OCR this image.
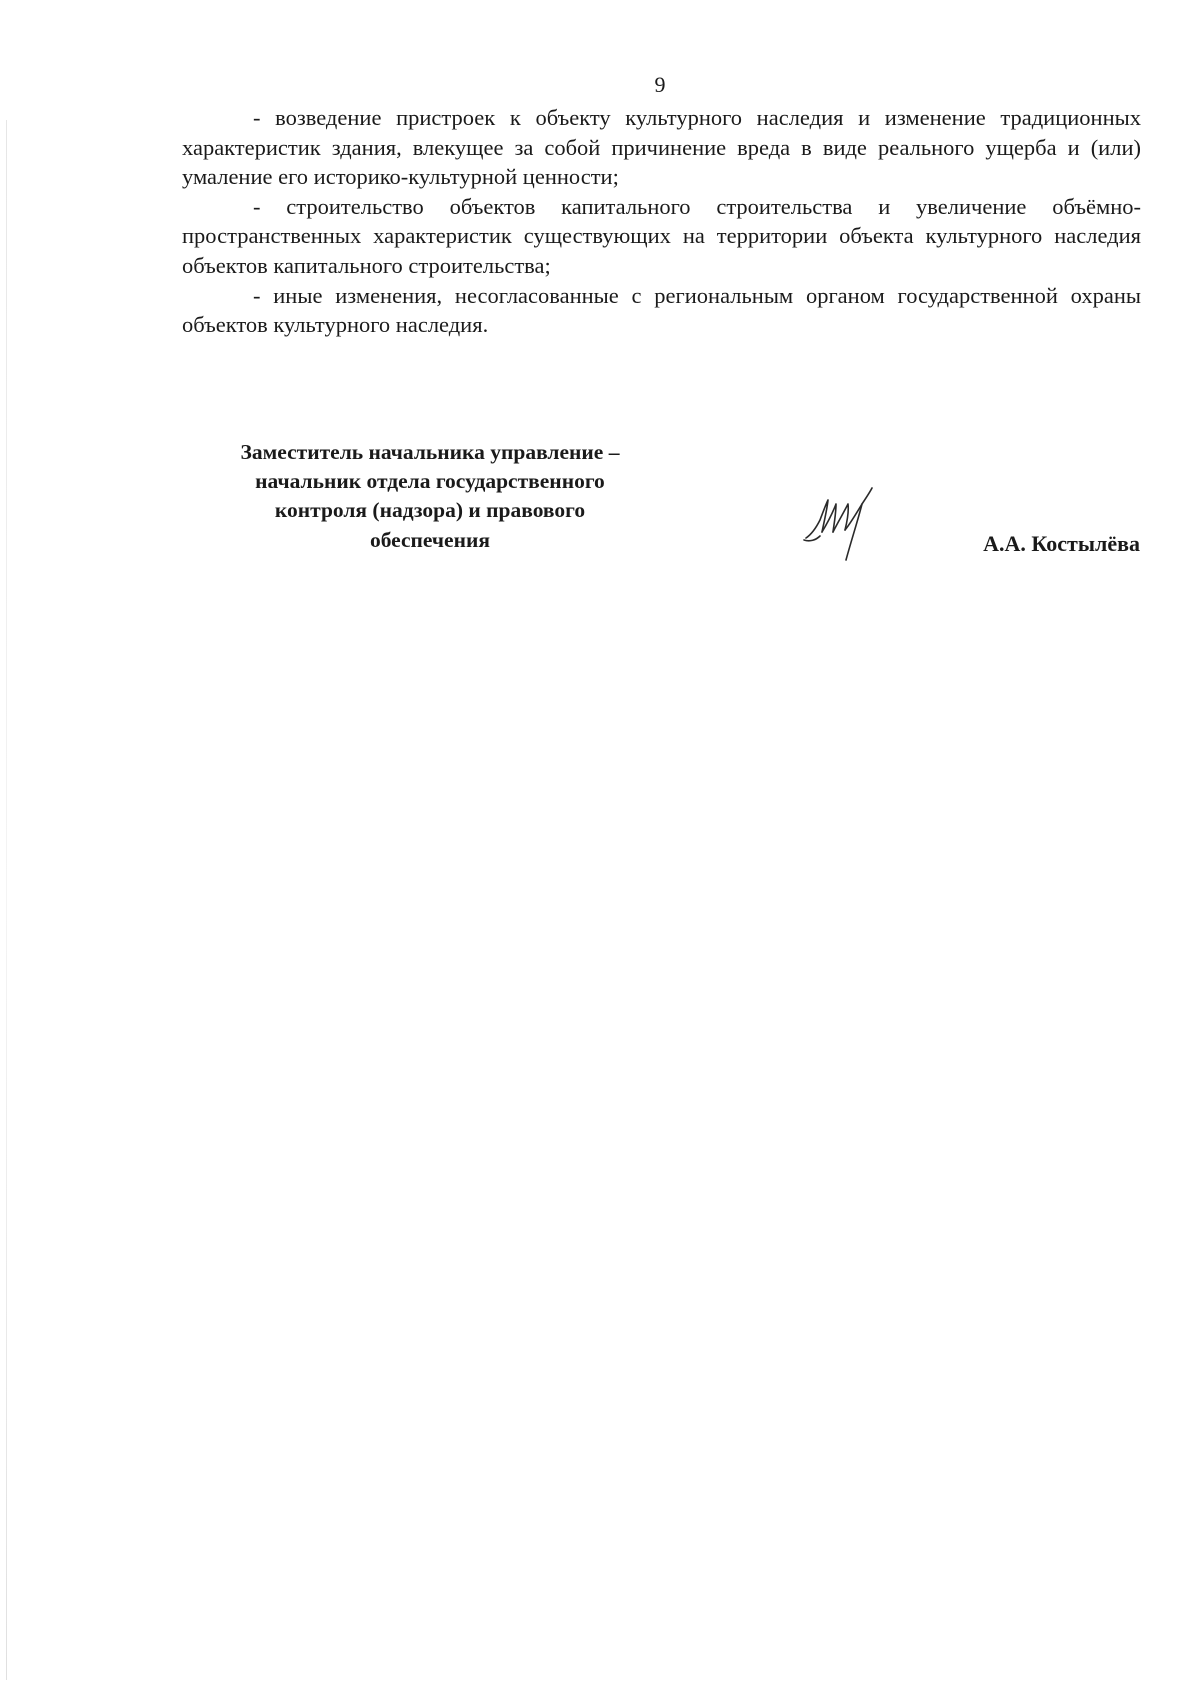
9

- возведение пристроек к объекту культурного наследия и изменение традиционных характеристик здания, влекущее за собой причинение вреда в виде реального ущерба и (или) умаление его историко-культурной ценности;

- строительство объектов капитального строительства и увеличение объёмно-пространственных характеристик существующих на территории объекта культурного наследия объектов капитального строительства;

- иные изменения, несогласованные с региональным органом государственной охраны объектов культурного наследия.

Заместитель начальника управление –
начальник отдела государственного
контроля (надзора) и правового
обеспечения	А.А. Костылёва
